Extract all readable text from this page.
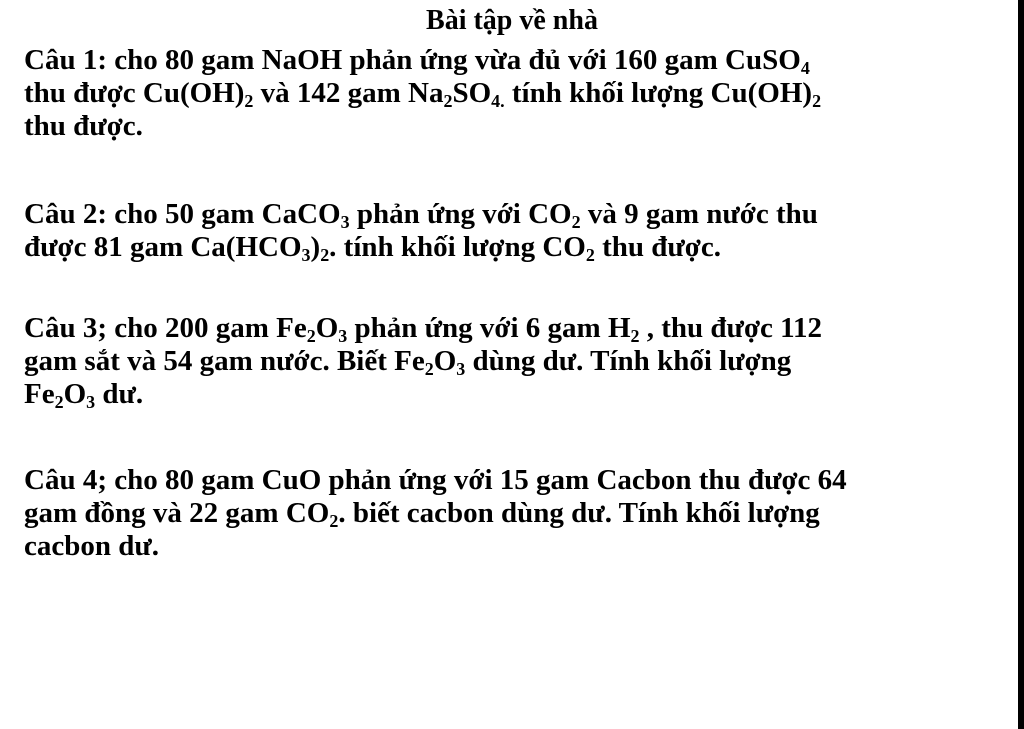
Bài tập về nhà
Câu 1: cho 80 gam NaOH phản ứng vừa đủ với 160 gam CuSO$_4$
thu được $Cu(OH)_2$ và 142 gam $Na_2SO_{4.}$ tính khối lượng $Cu(OH)_2$
thu được.
Câu 2: cho 50 gam CaCO$_3$ phản ứng với $CO_2$ và 9 gam nước thu
được 81 gam $Ca(HCO_3)_2$. tính khối lượng $CO_2$ thu được.
Câu 3; cho 200 gam $Fe_2O_3$ phản ứng với 6 gam $H_2$ , thu được 112
gam sắt và 54 gam nước. Biết $Fe_2O_3$ dùng dư. Tính khối lượng
$Fe_2O_3$ dư.
Câu 4; cho 80 gam CuO phản ứng với 15 gam Cacbon thu được 64
gam đồng và 22 gam $CO_2$. biết cacbon dùng dư. Tính khối lượng
cacbon dư.
